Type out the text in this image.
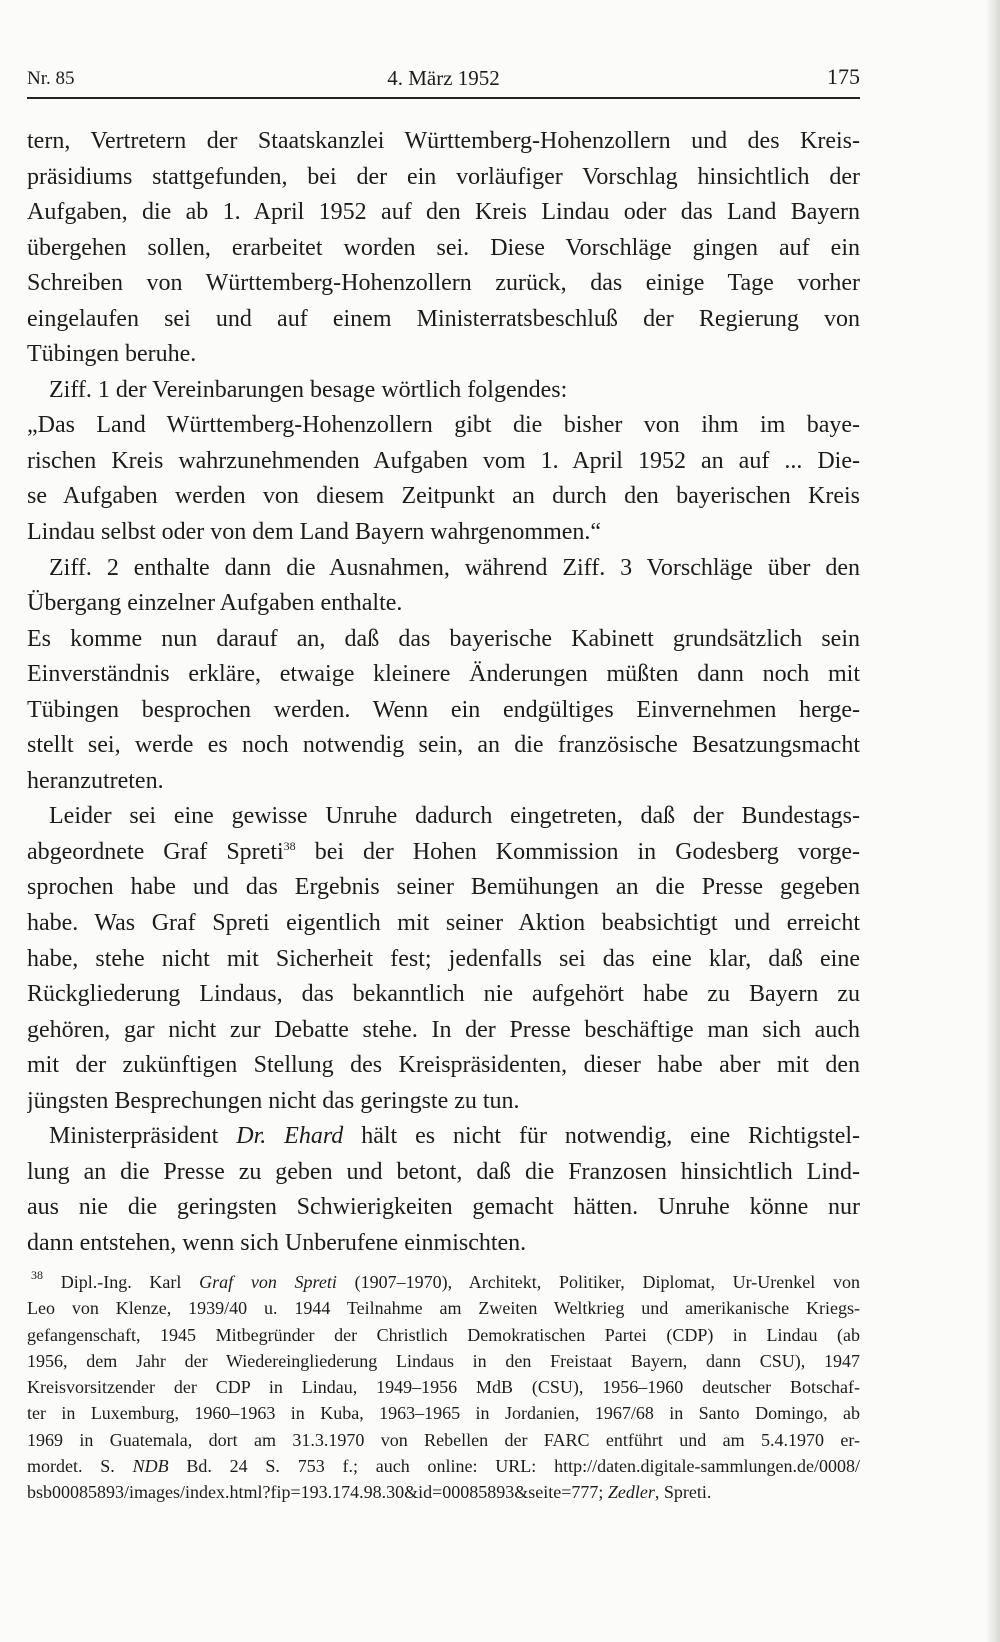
Nr. 85	4. März 1952	175
tern, Vertretern der Staatskanzlei Württemberg-Hohenzollern und des Kreis-
präsidiums stattgefunden, bei der ein vorläufiger Vorschlag hinsichtlich der
Aufgaben, die ab 1. April 1952 auf den Kreis Lindau oder das Land Bayern
übergehen sollen, erarbeitet worden sei. Diese Vorschläge gingen auf ein
Schreiben von Württemberg-Hohenzollern zurück, das einige Tage vorher
eingelaufen sei und auf einem Ministerratsbeschluß der Regierung von
Tübingen beruhe.
Ziff. 1 der Vereinbarungen besage wörtlich folgendes:
„Das Land Württemberg-Hohenzollern gibt die bisher von ihm im baye-
rischen Kreis wahrzunehmenden Aufgaben vom 1. April 1952 an auf ... Die-
se Aufgaben werden von diesem Zeitpunkt an durch den bayerischen Kreis
Lindau selbst oder von dem Land Bayern wahrgenommen.“
Ziff. 2 enthalte dann die Ausnahmen, während Ziff. 3 Vorschläge über den
Übergang einzelner Aufgaben enthalte.
Es komme nun darauf an, daß das bayerische Kabinett grundsätzlich sein
Einverständnis erkläre, etwaige kleinere Änderungen müßten dann noch mit
Tübingen besprochen werden. Wenn ein endgültiges Einvernehmen herge-
stellt sei, werde es noch notwendig sein, an die französische Besatzungsmacht
heranzutreten.
Leider sei eine gewisse Unruhe dadurch eingetreten, daß der Bundestags-
abgeordnete Graf Spreti$^{38}$ bei der Hohen Kommission in Godesberg vorge-
sprochen habe und das Ergebnis seiner Bemühungen an die Presse gegeben
habe. Was Graf Spreti eigentlich mit seiner Aktion beabsichtigt und erreicht
habe, stehe nicht mit Sicherheit fest; jedenfalls sei das eine klar, daß eine
Rückgliederung Lindaus, das bekanntlich nie aufgehört habe zu Bayern zu
gehören, gar nicht zur Debatte stehe. In der Presse beschäftige man sich auch
mit der zukünftigen Stellung des Kreispräsidenten, dieser habe aber mit den
jüngsten Besprechungen nicht das geringste zu tun.
Ministerpräsident Dr. Ehard hält es nicht für notwendig, eine Richtigstel-
lung an die Presse zu geben und betont, daß die Franzosen hinsichtlich Lind-
aus nie die geringsten Schwierigkeiten gemacht hätten. Unruhe könne nur
dann entstehen, wenn sich Unberufene einmischten.
$^{38}$ Dipl.-Ing. Karl Graf von Spreti (1907–1970), Architekt, Politiker, Diplomat, Ur-Urenkel von
Leo von Klenze, 1939/40 u. 1944 Teilnahme am Zweiten Weltkrieg und amerikanische Kriegs-
gefangenschaft, 1945 Mitbegründer der Christlich Demokratischen Partei (CDP) in Lindau (ab
1956, dem Jahr der Wiedereingliederung Lindaus in den Freistaat Bayern, dann CSU), 1947
Kreisvorsitzender der CDP in Lindau, 1949–1956 MdB (CSU), 1956–1960 deutscher Botschaf-
ter in Luxemburg, 1960–1963 in Kuba, 1963–1965 in Jordanien, 1967/68 in Santo Domingo, ab
1969 in Guatemala, dort am 31.3.1970 von Rebellen der FARC entführt und am 5.4.1970 er-
mordet. S. NDB Bd. 24 S. 753 f.; auch online: URL: http://daten.digitale-sammlungen.de/0008/
bsb00085893/images/index.html?fip=193.174.98.30&id=00085893&seite=777; Zedler, Spreti.
